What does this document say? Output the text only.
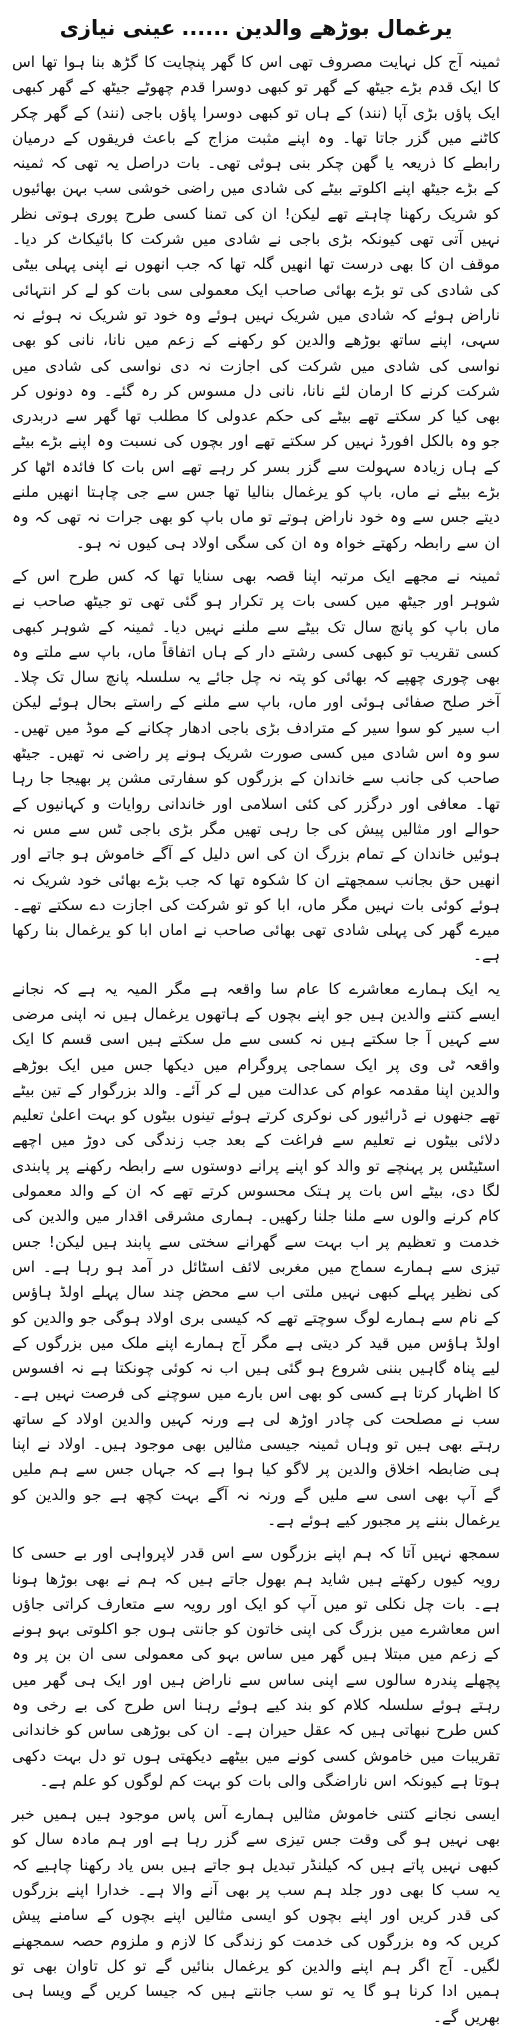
یرغمال بوڑھے والدین......عینی نیازی

ثمینہ آج کل نہایت مصروف تھی اس کا گھر پنچایت کا گڑھ بنا ہوا تھا اس کا ایک قدم بڑے جیٹھ کے گھر تو کبھی دوسرا قدم چھوٹے جیٹھ کے گھر کبھی ایک پاؤں بڑی آپا (نند) کے ہاں تو کبھی دوسرا پاؤں باجی (نند) کے گھر چکر کاٹنے میں گزر جاتا تھا۔ وہ اپنے مثبت مزاج کے باعث فریقوں کے درمیان رابطے کا ذریعہ یا گھن چکر بنی ہوئی تھی۔ بات دراصل یہ تھی کہ ثمینہ کے بڑے جیٹھ اپنے اکلوتے بیٹے کی شادی میں راضی خوشی سب بہن بھائیوں کو شریک رکھنا چاہتے تھے لیکن! ان کی تمنا کسی طرح پوری ہوتی نظر نہیں آتی تھی کیونکہ بڑی باجی نے شادی میں شرکت کا بائیکاٹ کر دیا۔ موقف ان کا بھی درست تھا انھیں گلہ تھا کہ جب انھوں نے اپنی پہلی بیٹی کی شادی کی تو بڑے بھائی صاحب ایک معمولی سی بات کو لے کر انتہائی ناراض ہوئے کہ شادی میں شریک نہیں ہوئے وہ خود تو شریک نہ ہوئے نہ سہی، اپنے ساتھ بوڑھے والدین کو رکھنے کے زعم میں نانا، نانی کو بھی نواسی کی شادی میں شرکت کی اجازت نہ دی نواسی کی شادی میں شرکت کرنے کا ارمان لئے نانا، نانی دل مسوس کر رہ گئے۔ وہ دونوں کر بھی کیا کر سکتے تھے بیٹے کی حکم عدولی کا مطلب تھا گھر سے دربدری جو وہ بالکل افورڈ نہیں کر سکتے تھے اور بچوں کی نسبت وہ اپنے بڑے بیٹے کے ہاں زیادہ سہولت سے گزر بسر کر رہے تھے اس بات کا فائدہ اٹھا کر بڑے بیٹے نے ماں، باپ کو یرغمال بنالیا تھا جس سے جی چاہتا انھیں ملنے دیتے جس سے وہ خود ناراض ہوتے تو ماں باپ کو بھی جرات نہ تھی کہ وہ ان سے رابطہ رکھتے خواہ وہ ان کی سگی اولاد ہی کیوں نہ ہو۔

ثمینہ نے مجھے ایک مرتبہ اپنا قصہ بھی سنایا تھا کہ کس طرح اس کے شوہر اور جیٹھ میں کسی بات پر تکرار ہو گئی تھی تو جیٹھ صاحب نے ماں باپ کو پانچ سال تک بیٹے سے ملنے نہیں دیا۔ ثمینہ کے شوہر کبھی کسی تقریب تو کبھی کسی رشتے دار کے ہاں اتفاقاً ماں، باپ سے ملتے وہ بھی چوری چھپے کہ بھائی کو پتہ نہ چل جائے یہ سلسلہ پانچ سال تک چلا۔ آخر صلح صفائی ہوئی اور ماں، باپ سے ملنے کے راستے بحال ہوئے لیکن اب سیر کو سوا سیر کے مترادف بڑی باجی ادھار چکانے کے موڈ میں تھیں۔ سو وہ اس شادی میں کسی صورت شریک ہونے پر راضی نہ تھیں۔ جیٹھ صاحب کی جانب سے خاندان کے بزرگوں کو سفارتی مشن پر بھیجا جا رہا تھا۔ معافی اور درگزر کی کئی اسلامی اور خاندانی روایات و کہانیوں کے حوالے اور مثالیں پیش کی جا رہی تھیں مگر بڑی باجی ٹس سے مس نہ ہوئیں خاندان کے تمام بزرگ ان کی اس دلیل کے آگے خاموش ہو جاتے اور انھیں حق بجانب سمجھتے ان کا شکوہ تھا کہ جب بڑے بھائی خود شریک نہ ہوئے کوئی بات نہیں مگر ماں، ابا کو تو شرکت کی اجازت دے سکتے تھے۔ میرے گھر کی پہلی شادی تھی بھائی صاحب نے اماں ابا کو یرغمال بنا رکھا ہے۔

یہ ایک ہمارے معاشرے کا عام سا واقعہ ہے مگر المیہ یہ ہے کہ نجانے ایسے کتنے والدین ہیں جو اپنے بچوں کے ہاتھوں یرغمال ہیں نہ اپنی مرضی سے کہیں آ جا سکتے ہیں نہ کسی سے مل سکتے ہیں اسی قسم کا ایک واقعہ ٹی وی پر ایک سماجی پروگرام میں دیکھا جس میں ایک بوڑھے والدین اپنا مقدمہ عوام کی عدالت میں لے کر آئے۔ والد بزرگوار کے تین بیٹے تھے جنھوں نے ڈرائیور کی نوکری کرتے ہوئے تینوں بیٹوں کو بہت اعلیٰ تعلیم دلائی بیٹوں نے تعلیم سے فراغت کے بعد جب زندگی کی دوڑ میں اچھے اسٹیٹس پر پہنچے تو والد کو اپنے پرانے دوستوں سے رابطہ رکھنے پر پابندی لگا دی، بیٹے اس بات پر ہتک محسوس کرتے تھے کہ ان کے والد معمولی کام کرنے والوں سے ملنا جلنا رکھیں۔ ہماری مشرقی اقدار میں والدین کی خدمت و تعظیم پر اب بہت سے گھرانے سختی سے پابند ہیں لیکن! جس تیزی سے ہمارے سماج میں مغربی لائف اسٹائل در آمد ہو رہا ہے۔ اس کی نظیر پہلے کبھی نہیں ملتی اب سے محض چند سال پہلے اولڈ ہاؤس کے نام سے ہمارے لوگ سوچتے تھے کہ کیسی بری اولاد ہوگی جو والدین کو اولڈ ہاؤس میں قید کر دیتی ہے مگر آج ہمارے اپنے ملک میں بزرگوں کے لیے پناہ گاہیں بننی شروع ہو گئی ہیں اب نہ کوئی چونکتا ہے نہ افسوس کا اظہار کرتا ہے کسی کو بھی اس بارے میں سوچنے کی فرصت نہیں ہے۔ سب نے مصلحت کی چادر اوڑھ لی ہے ورنہ کہیں والدین اولاد کے ساتھ رہتے بھی ہیں تو وہاں ثمینہ جیسی مثالیں بھی موجود ہیں۔ اولاد نے اپنا ہی ضابطہ اخلاق والدین پر لاگو کیا ہوا ہے کہ جہاں جس سے ہم ملیں گے آپ بھی اسی سے ملیں گے ورنہ نہ آگے بہت کچھ ہے جو والدین کو یرغمال بننے پر مجبور کیے ہوئے ہے۔

سمجھ نہیں آتا کہ ہم اپنے بزرگوں سے اس قدر لاپرواہی اور بے حسی کا رویہ کیوں رکھتے ہیں شاید ہم بھول جاتے ہیں کہ ہم نے بھی بوڑھا ہونا ہے۔ بات چل نکلی تو میں آپ کو ایک اور رویہ سے متعارف کراتی جاؤں اس معاشرے میں بزرگ کی اپنی خاتون کو جانتی ہوں جو اکلوتی بہو ہونے کے زعم میں مبتلا ہیں گھر میں ساس بہو کی معمولی سی ان بن پر وہ پچھلے پندرہ سالوں سے اپنی ساس سے ناراض ہیں اور ایک ہی گھر میں رہتے ہوئے سلسلہ کلام کو بند کیے ہوئے رہنا اس طرح کی بے رخی وہ کس طرح نبھاتی ہیں کہ عقل حیران ہے۔ ان کی بوڑھی ساس کو خاندانی تقریبات میں خاموش کسی کونے میں بیٹھے دیکھتی ہوں تو دل بہت دکھی ہوتا ہے کیونکہ اس ناراضگی والی بات کو بہت کم لوگوں کو علم ہے۔

ایسی نجانے کتنی خاموش مثالیں ہمارے آس پاس موجود ہیں ہمیں خبر بھی نہیں ہو گی وقت جس تیزی سے گزر رہا ہے اور ہم مادہ سال کو کبھی نہیں پاتے ہیں کہ کیلنڈر تبدیل ہو جاتے ہیں بس یاد رکھنا چاہیے کہ یہ سب کا بھی دور جلد ہم سب پر بھی آنے والا ہے۔ خدارا اپنے بزرگوں کی قدر کریں اور اپنے بچوں کو ایسی مثالیں اپنے بچوں کے سامنے پیش کریں کہ وہ بزرگوں کی خدمت کو زندگی کا لازم و ملزوم حصہ سمجھنے لگیں۔ آج اگر ہم اپنے والدین کو یرغمال بنائیں گے تو کل تاوان بھی تو ہمیں ادا کرنا ہو گا یہ تو سب جانتے ہیں کہ جیسا کریں گے ویسا ہی بھریں گے۔
